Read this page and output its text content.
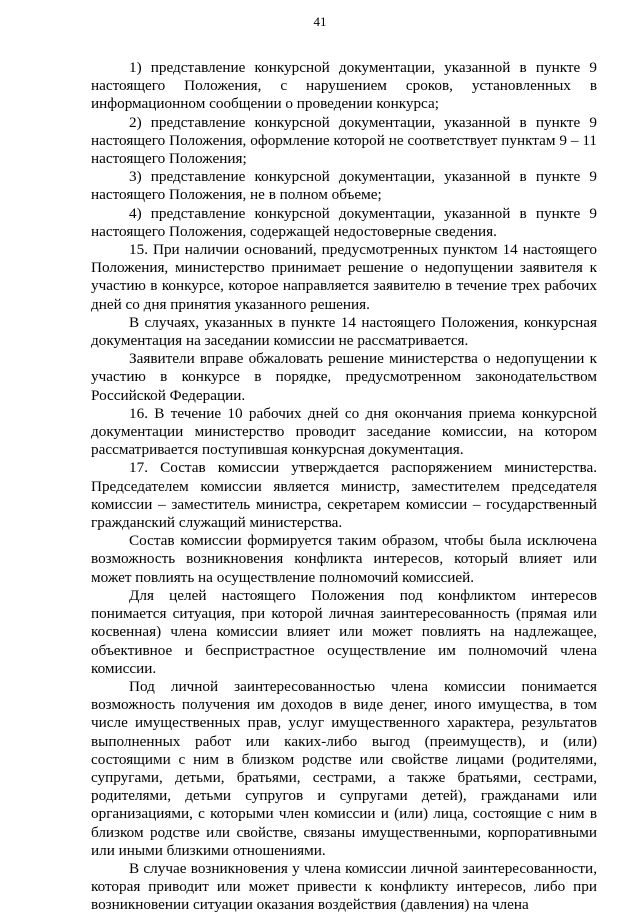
41

1) представление конкурсной документации, указанной в пункте 9 настоящего Положения, с нарушением сроков, установленных в информационном сообщении о проведении конкурса;

2) представление конкурсной документации, указанной в пункте 9 настоящего Положения, оформление которой не соответствует пунктам 9 – 11 настоящего Положения;

3) представление конкурсной документации, указанной в пункте 9 настоящего Положения, не в полном объеме;

4) представление конкурсной документации, указанной в пункте 9 настоящего Положения, содержащей недостоверные сведения.

15. При наличии оснований, предусмотренных пунктом 14 настоящего Положения, министерство принимает решение о недопущении заявителя к участию в конкурсе, которое направляется заявителю в течение трех рабочих дней со дня принятия указанного решения.

В случаях, указанных в пункте 14 настоящего Положения, конкурсная документация на заседании комиссии не рассматривается.

Заявители вправе обжаловать решение министерства о недопущении к участию в конкурсе в порядке, предусмотренном законодательством Российской Федерации.

16. В течение 10 рабочих дней со дня окончания приема конкурсной документации министерство проводит заседание комиссии, на котором рассматривается поступившая конкурсная документация.

17. Состав комиссии утверждается распоряжением министерства. Председателем комиссии является министр, заместителем председателя комиссии – заместитель министра, секретарем комиссии – государственный гражданский служащий министерства.

Состав комиссии формируется таким образом, чтобы была исключена возможность возникновения конфликта интересов, который влияет или может повлиять на осуществление полномочий комиссией.

Для целей настоящего Положения под конфликтом интересов понимается ситуация, при которой личная заинтересованность (прямая или косвенная) члена комиссии влияет или может повлиять на надлежащее, объективное и беспристрастное осуществление им полномочий члена комиссии.

Под личной заинтересованностью члена комиссии понимается возможность получения им доходов в виде денег, иного имущества, в том числе имущественных прав, услуг имущественного характера, результатов выполненных работ или каких-либо выгод (преимуществ), и (или) состоящими с ним в близком родстве или свойстве лицами (родителями, супругами, детьми, братьями, сестрами, а также братьями, сестрами, родителями, детьми супругов и супругами детей), гражданами или организациями, с которыми член комиссии и (или) лица, состоящие с ним в близком родстве или свойстве, связаны имущественными, корпоративными или иными близкими отношениями.

В случае возникновения у члена комиссии личной заинтересованности, которая приводит или может привести к конфликту интересов, либо при возникновении ситуации оказания воздействия (давления) на члена
